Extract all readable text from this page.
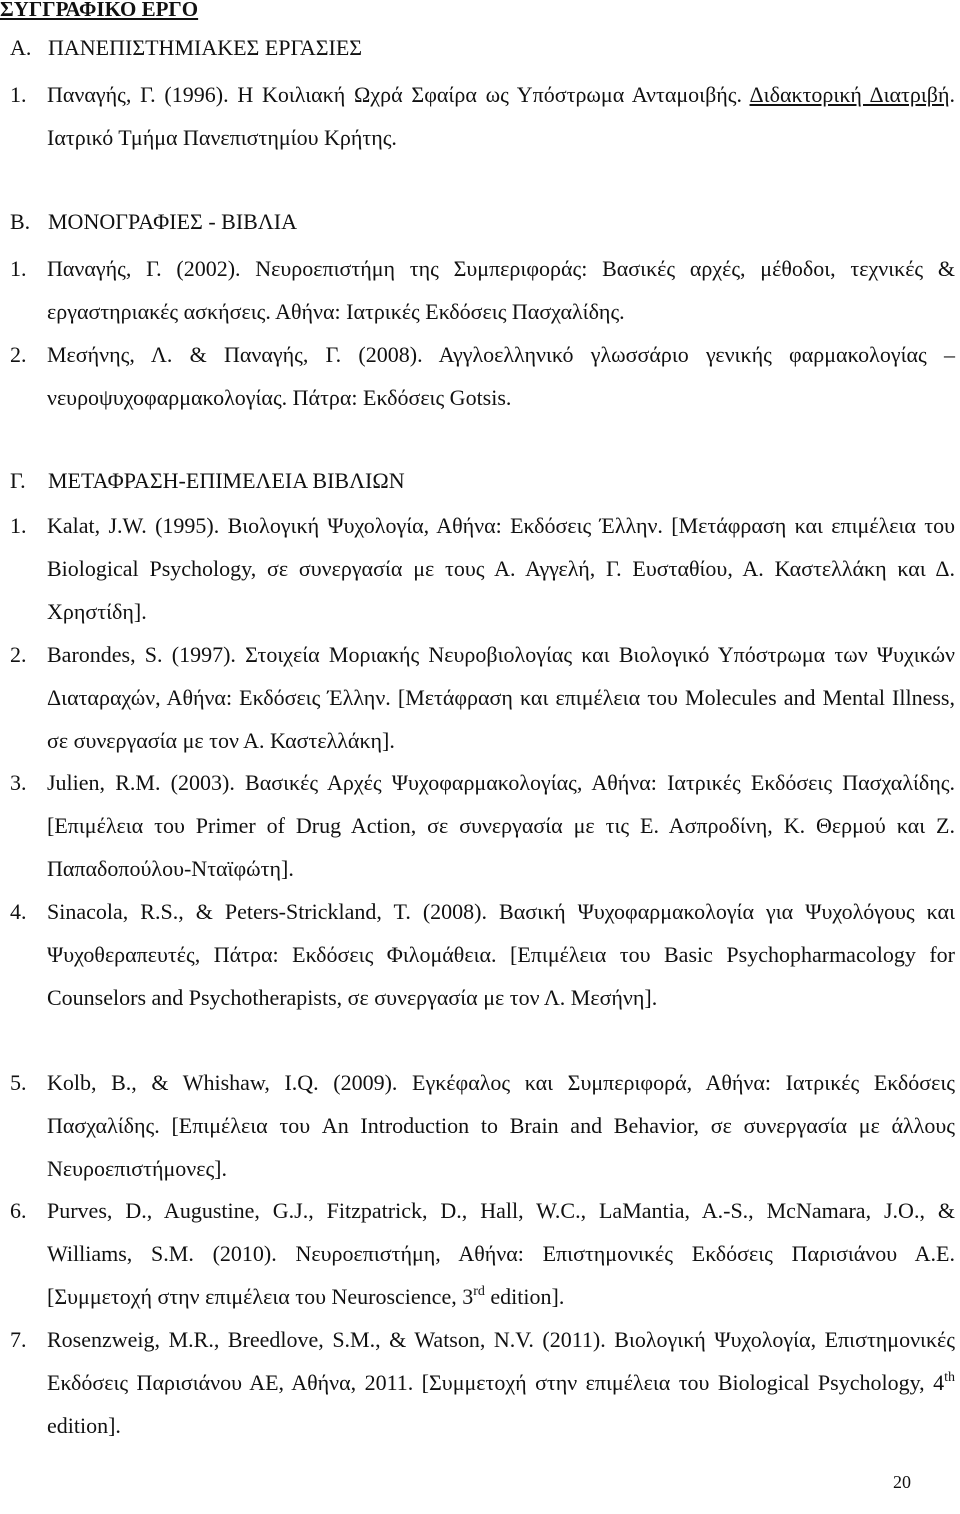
ΣΥΓΓΡΑΦΙΚΟ ΕΡΓΟ
Α. ΠΑΝΕΠΙΣΤΗΜΙΑΚΕΣ ΕΡΓΑΣΙΕΣ
1. Παναγής, Γ. (1996). Η Κοιλιακή Ωχρά Σφαίρα ως Υπόστρωμα Ανταμοιβής. Διδακτορική Διατριβή. Ιατρικό Τμήμα Πανεπιστημίου Κρήτης.
Β. ΜΟΝΟΓΡΑΦΙΕΣ - ΒΙΒΛΙΑ
1. Παναγής, Γ. (2002). Νευροεπιστήμη της Συμπεριφοράς: Βασικές αρχές, μέθοδοι, τεχνικές & εργαστηριακές ασκήσεις. Αθήνα: Ιατρικές Εκδόσεις Πασχαλίδης.
2. Μεσήνης, Λ. & Παναγής, Γ. (2008). Αγγλοελληνικό γλωσσάριο γενικής φαρμακολογίας – νευροψυχοφαρμακολογίας. Πάτρα: Εκδόσεις Gotsis.
Γ. ΜΕΤΑΦΡΑΣΗ-ΕΠΙΜΕΛΕΙΑ ΒΙΒΛΙΩΝ
1. Kalat, J.W. (1995). Βιολογική Ψυχολογία, Αθήνα: Εκδόσεις Έλλην. [Μετάφραση και επιμέλεια του Biological Psychology, σε συνεργασία με τους Α. Αγγελή, Γ. Ευσταθίου, Α. Καστελλάκη και Δ. Χρηστίδη].
2. Barondes, S. (1997). Στοιχεία Μοριακής Νευροβιολογίας και Βιολογικό Υπόστρωμα των Ψυχικών Διαταραχών, Αθήνα: Εκδόσεις Έλλην. [Μετάφραση και επιμέλεια του Molecules and Mental Illness, σε συνεργασία με τον Α. Καστελλάκη].
3. Julien, R.M. (2003). Βασικές Αρχές Ψυχοφαρμακολογίας, Αθήνα: Ιατρικές Εκδόσεις Πασχαλίδης. [Επιμέλεια του Primer of Drug Action, σε συνεργασία με τις Ε. Ασπροδίνη, Κ. Θερμού και Ζ. Παπαδοπούλου-Νταϊφώτη].
4. Sinacola, R.S., & Peters-Strickland, T. (2008). Βασική Ψυχοφαρμακολογία για Ψυχολόγους και Ψυχοθεραπευτές, Πάτρα: Εκδόσεις Φιλομάθεια. [Επιμέλεια του Basic Psychopharmacology for Counselors and Psychotherapists, σε συνεργασία με τον Λ. Μεσήνη].
5. Kolb, B., & Whishaw, I.Q. (2009). Εγκέφαλος και Συμπεριφορά, Αθήνα: Ιατρικές Εκδόσεις Πασχαλίδης. [Επιμέλεια του An Introduction to Brain and Behavior, σε συνεργασία με άλλους Νευροεπιστήμονες].
6. Purves, D., Augustine, G.J., Fitzpatrick, D., Hall, W.C., LaMantia, A.-S., McNamara, J.O., & Williams, S.M. (2010). Νευροεπιστήμη, Αθήνα: Επιστημονικές Εκδόσεις Παρισιάνου Α.Ε. [Συμμετοχή στην επιμέλεια του Neuroscience, 3rd edition].
7. Rosenzweig, M.R., Breedlove, S.M., & Watson, N.V. (2011). Βιολογική Ψυχολογία, Επιστημονικές Εκδόσεις Παρισιάνου ΑΕ, Αθήνα, 2011. [Συμμετοχή στην επιμέλεια του Biological Psychology, 4th edition].
20
